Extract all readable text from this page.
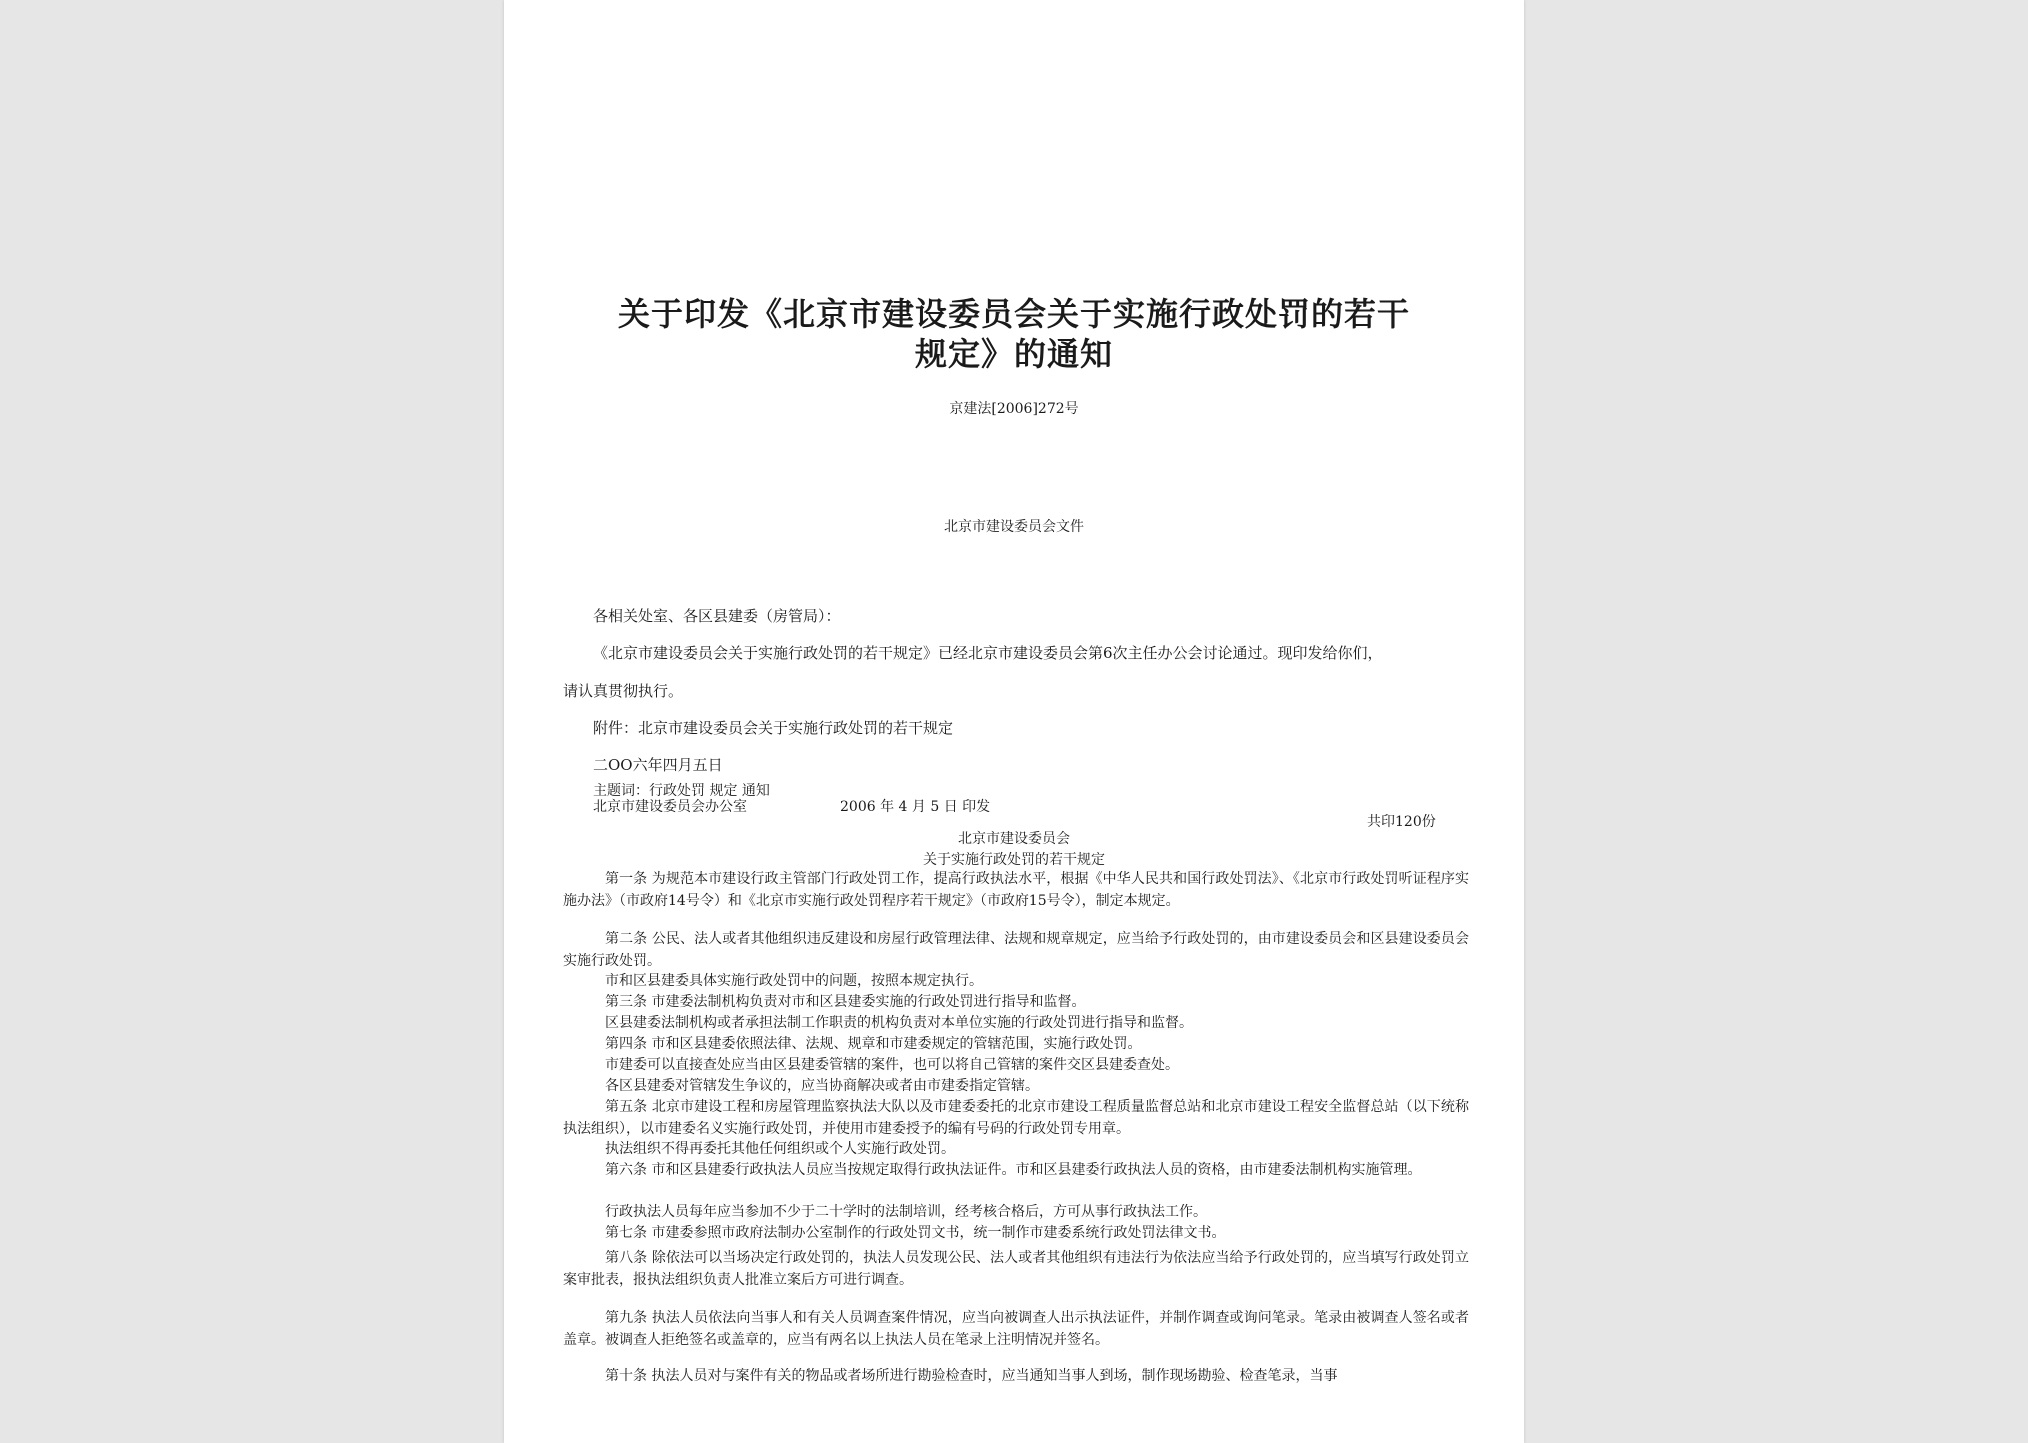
关于印发《北京市建设委员会关于实施行政处罚的若干
规定》的通知
京建法[2006]272号
北京市建设委员会文件
各相关处室、各区县建委（房管局）：
《北京市建设委员会关于实施行政处罚的若干规定》已经北京市建设委员会第6次主任办公会讨论通过。现印发给你们，
请认真贯彻执行。
附件：北京市建设委员会关于实施行政处罚的若干规定
二OO六年四月五日
主题词：行政处罚 规定 通知
北京市建设委员会办公室	2006 年 4 月 5 日 印发
共印120份
北京市建设委员会
关于实施行政处罚的若干规定
第一条 为规范本市建设行政主管部门行政处罚工作，提高行政执法水平，根据《中华人民共和国行政处罚法》、《北京市行政处罚听证程序实施办法》（市政府14号令）和《北京市实施行政处罚程序若干规定》（市政府15号令），制定本规定。
第二条 公民、法人或者其他组织违反建设和房屋行政管理法律、法规和规章规定，应当给予行政处罚的，由市建设委员会和区县建设委员会实施行政处罚。
市和区县建委具体实施行政处罚中的问题，按照本规定执行。
第三条 市建委法制机构负责对市和区县建委实施的行政处罚进行指导和监督。
区县建委法制机构或者承担法制工作职责的机构负责对本单位实施的行政处罚进行指导和监督。
第四条 市和区县建委依照法律、法规、规章和市建委规定的管辖范围，实施行政处罚。
市建委可以直接查处应当由区县建委管辖的案件，也可以将自己管辖的案件交区县建委查处。
各区县建委对管辖发生争议的，应当协商解决或者由市建委指定管辖。
第五条 北京市建设工程和房屋管理监察执法大队以及市建委委托的北京市建设工程质量监督总站和北京市建设工程安全监督总站（以下统称执法组织），以市建委名义实施行政处罚，并使用市建委授予的编有号码的行政处罚专用章。
执法组织不得再委托其他任何组织或个人实施行政处罚。
第六条 市和区县建委行政执法人员应当按规定取得行政执法证件。市和区县建委行政执法人员的资格，由市建委法制机构实施管理。
行政执法人员每年应当参加不少于二十学时的法制培训，经考核合格后，方可从事行政执法工作。
第七条 市建委参照市政府法制办公室制作的行政处罚文书，统一制作市建委系统行政处罚法律文书。
第八条 除依法可以当场决定行政处罚的，执法人员发现公民、法人或者其他组织有违法行为依法应当给予行政处罚的，应当填写行政处罚立案审批表，报执法组织负责人批准立案后方可进行调查。
第九条 执法人员依法向当事人和有关人员调查案件情况，应当向被调查人出示执法证件，并制作调查或询问笔录。笔录由被调查人签名或者盖章。被调查人拒绝签名或盖章的，应当有两名以上执法人员在笔录上注明情况并签名。
第十条 执法人员对与案件有关的物品或者场所进行勘验检查时，应当通知当事人到场，制作现场勘验、检查笔录，当事
